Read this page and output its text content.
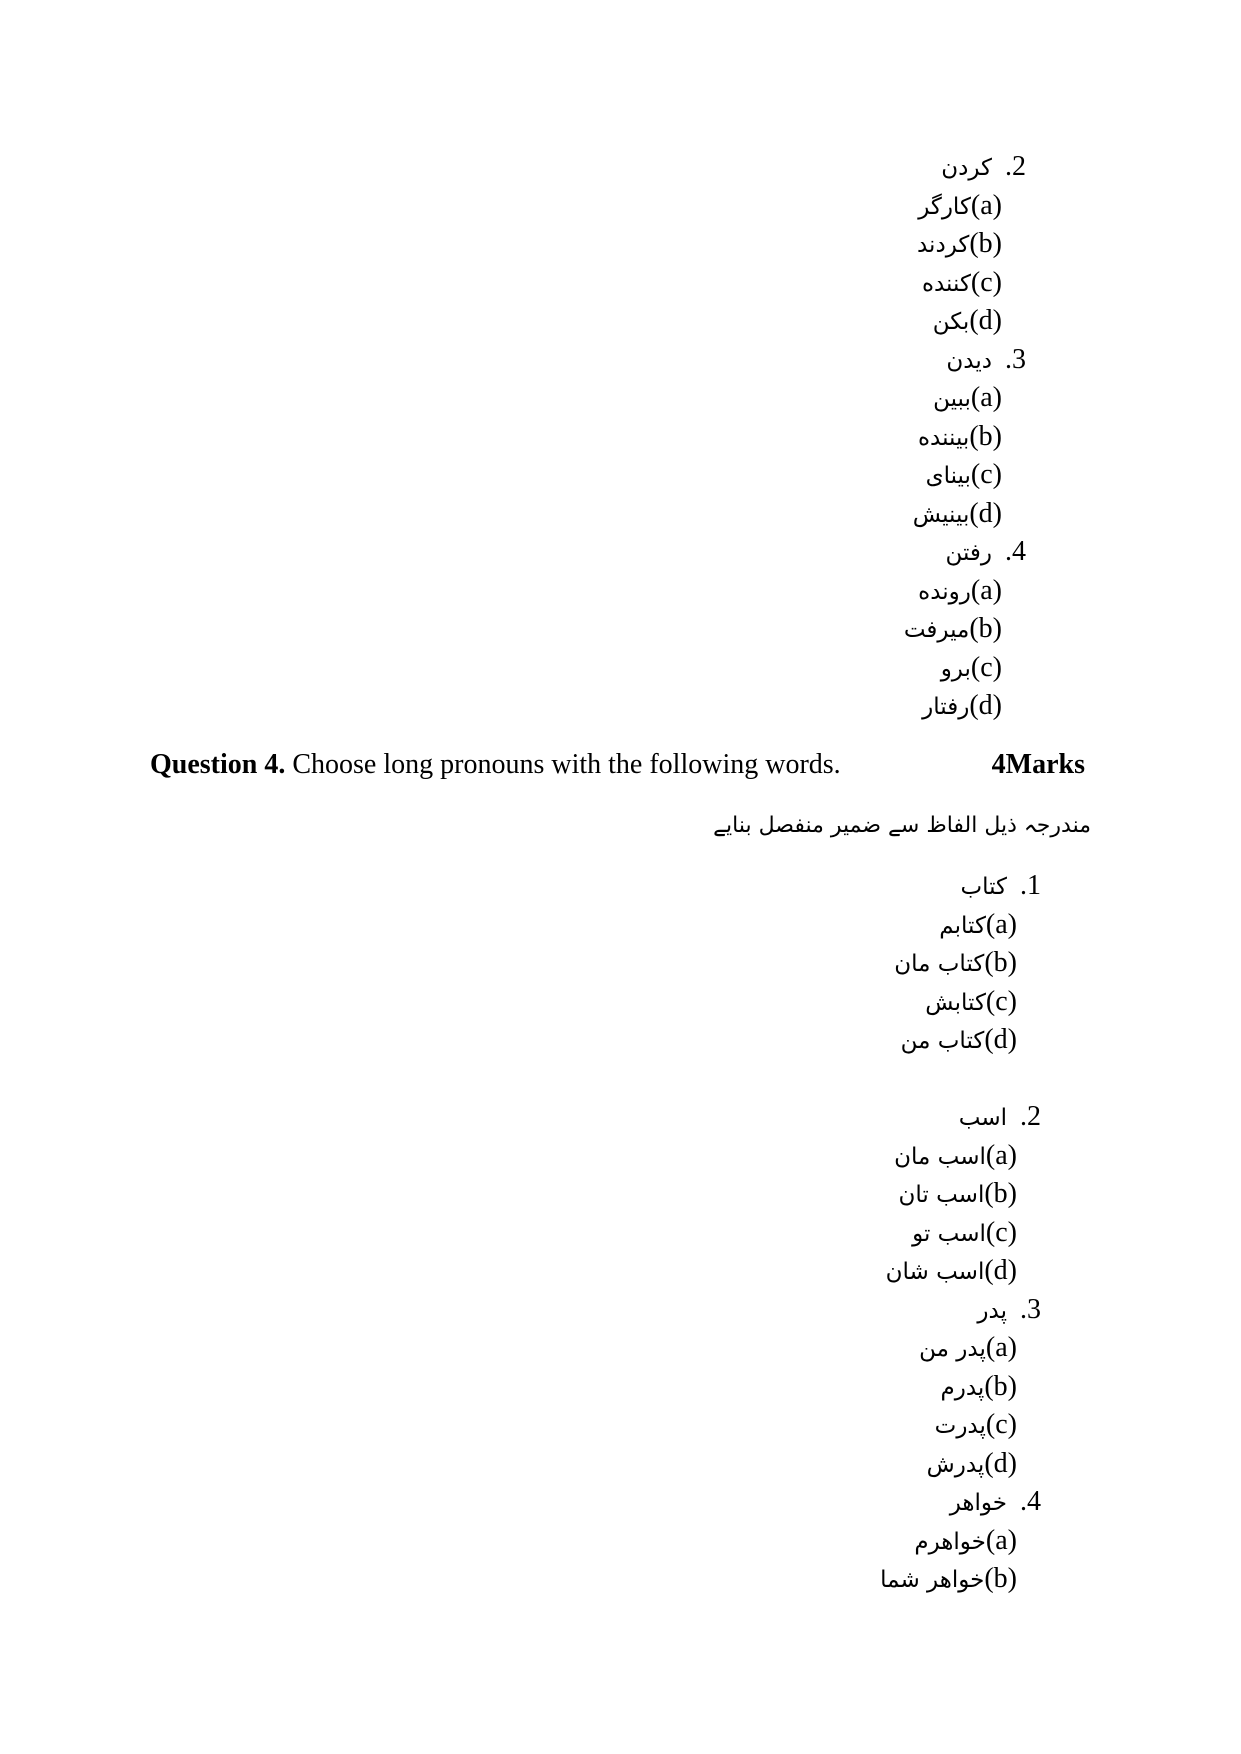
2.  کردن
(a)کارگر
(b)کردند
(c)کننده
(d)بکن
3.  دیدن
(a)ببین
(b)بیننده
(c)بینای
(d)بینیش
4.  رفتن
(a)رونده
(b)میرفت
(c)برو
(d)رفتار
Question 4. Choose long pronouns with the following words.	4Marks
مندرجہ ذیل الفاظ سے ضمیر منفصل بنایے
1.  کتاب
(a)کتابم
(b)کتاب مان
(c)کتابش
(d)کتاب من
2.  اسب
(a)اسب مان
(b)اسب تان
(c)اسب تو
(d)اسب شان
3.  پدر
(a)پدر من
(b)پدرم
(c)پدرت
(d)پدرش
4.  خواهر
(a)خواهرم
(b)خواهر شما
